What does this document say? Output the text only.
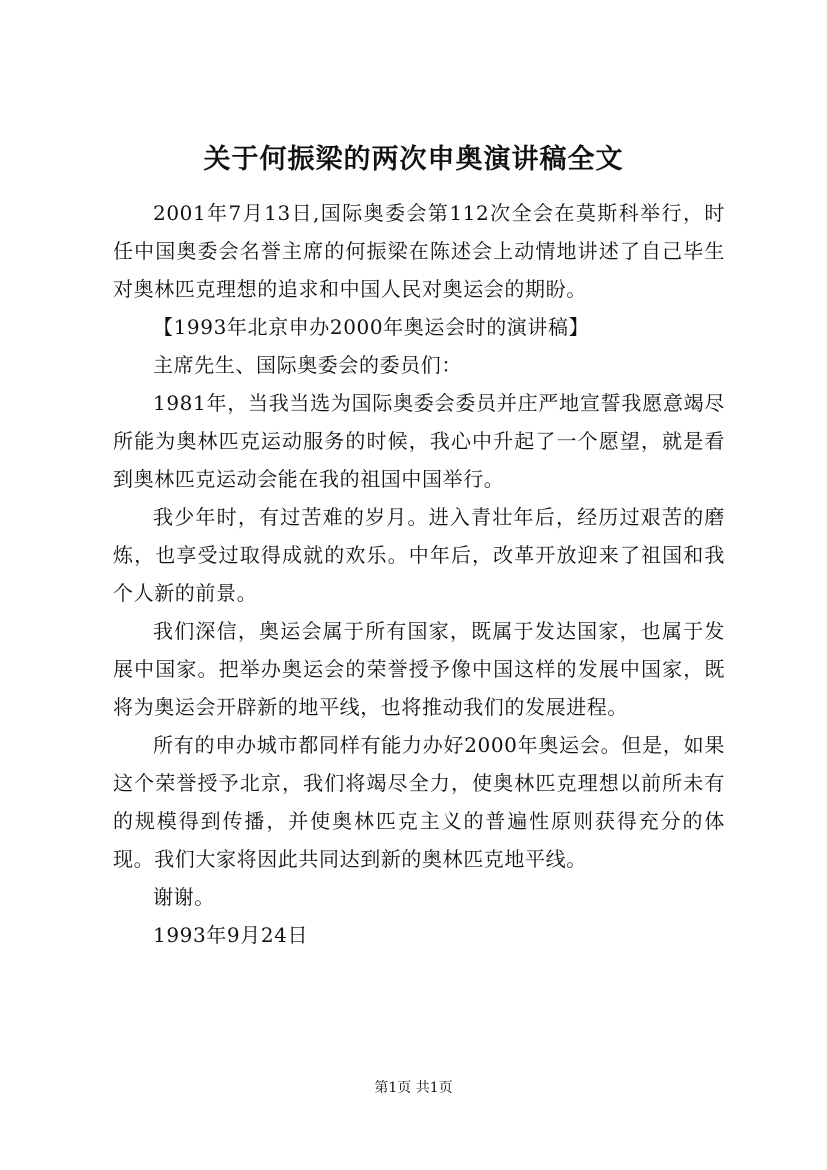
关于何振梁的两次申奥演讲稿全文

2001年7月13日,国际奥委会第112次全会在莫斯科举行，时任中国奥委会名誉主席的何振梁在陈述会上动情地讲述了自己毕生对奥林匹克理想的追求和中国人民对奥运会的期盼。

【1993年北京申办2000年奥运会时的演讲稿】

主席先生、国际奥委会的委员们：

1981年，当我当选为国际奥委会委员并庄严地宣誓我愿意竭尽所能为奥林匹克运动服务的时候，我心中升起了一个愿望，就是看到奥林匹克运动会能在我的祖国中国举行。

我少年时，有过苦难的岁月。进入青壮年后，经历过艰苦的磨炼，也享受过取得成就的欢乐。中年后，改革开放迎来了祖国和我个人新的前景。

我们深信，奥运会属于所有国家，既属于发达国家，也属于发展中国家。把举办奥运会的荣誉授予像中国这样的发展中国家，既将为奥运会开辟新的地平线，也将推动我们的发展进程。

所有的申办城市都同样有能力办好2000年奥运会。但是，如果这个荣誉授予北京，我们将竭尽全力，使奥林匹克理想以前所未有的规模得到传播，并使奥林匹克主义的普遍性原则获得充分的体现。我们大家将因此共同达到新的奥林匹克地平线。

谢谢。

1993年9月24日

第1页 共1页
